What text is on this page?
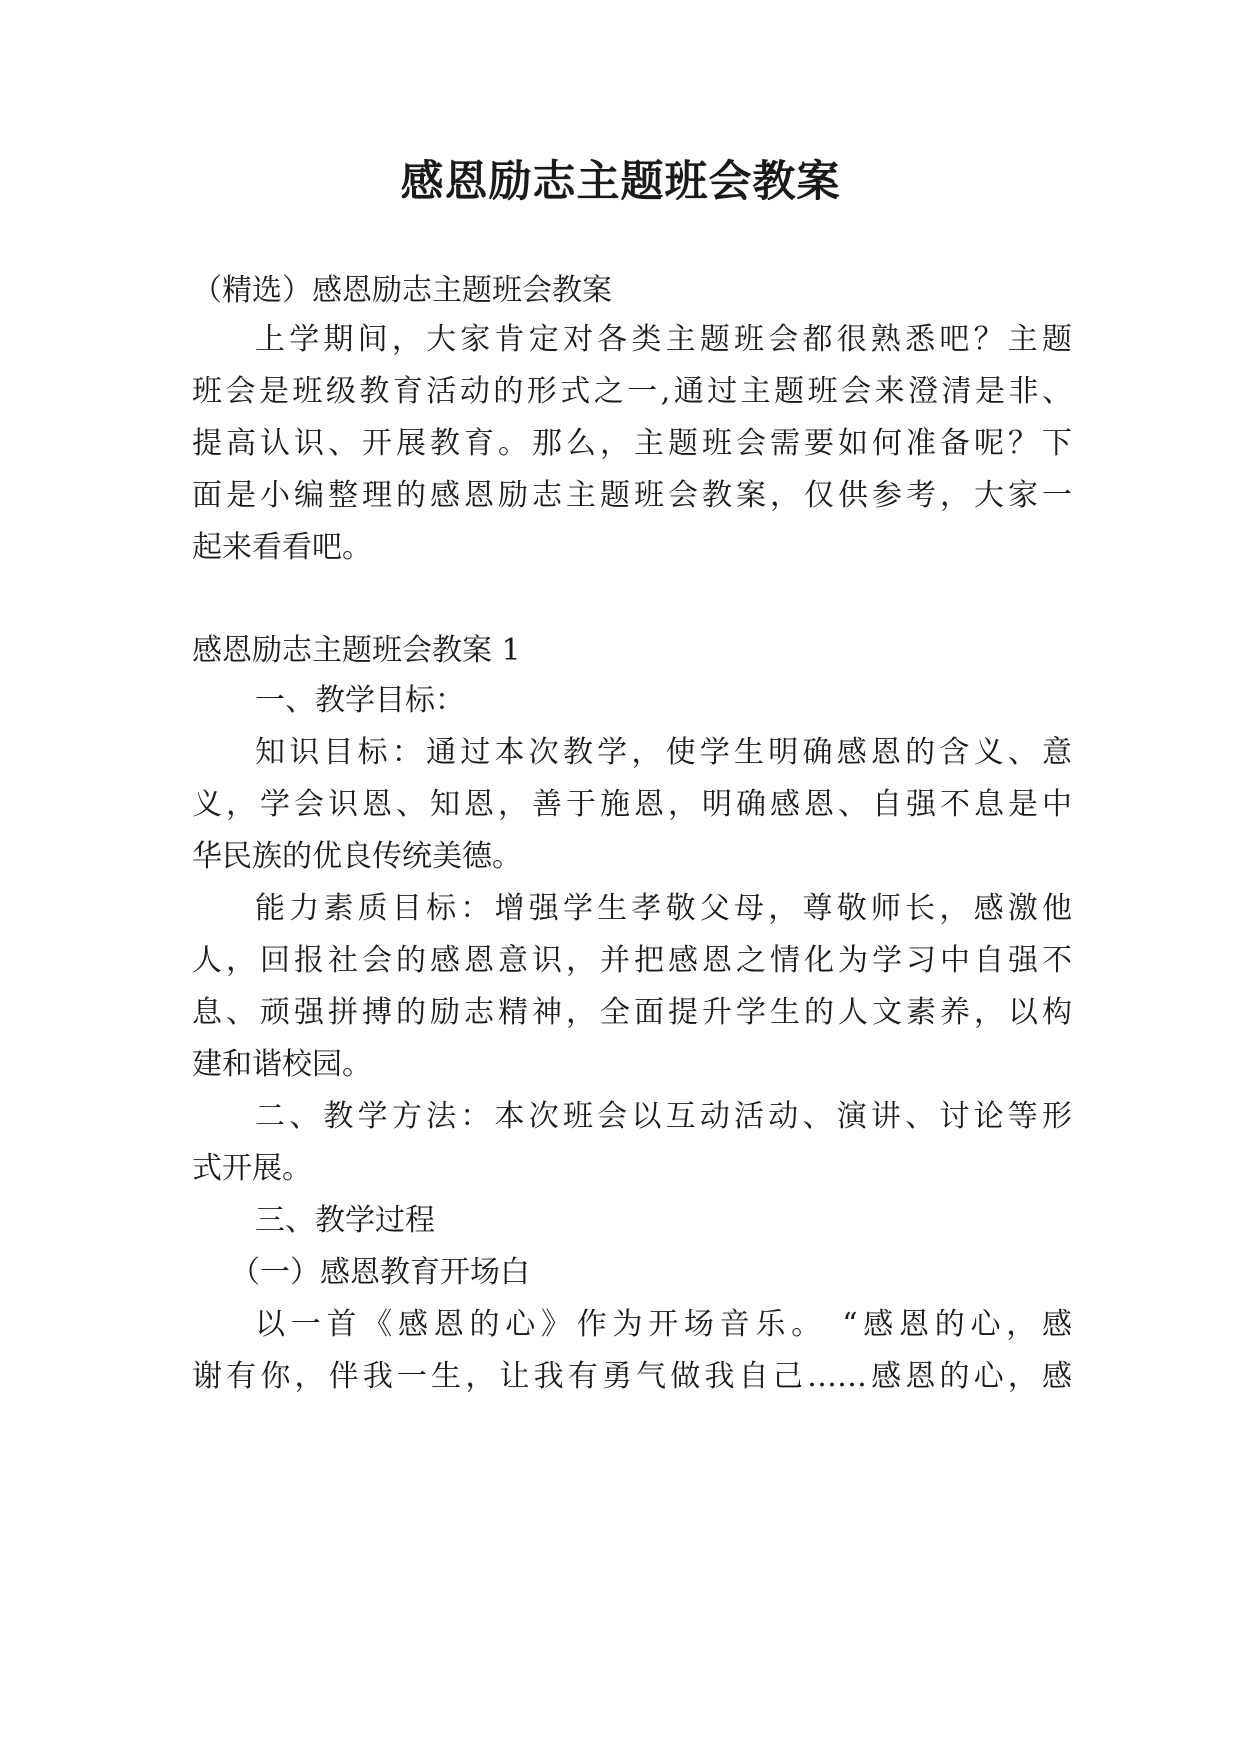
感恩励志主题班会教案
（精选）感恩励志主题班会教案
上学期间，大家肯定对各类主题班会都很熟悉吧？主题
班会是班级教育活动的形式之一,通过主题班会来澄清是非、
提高认识、开展教育。那么，主题班会需要如何准备呢？下
面是小编整理的感恩励志主题班会教案，仅供参考，大家一
起来看看吧。
感恩励志主题班会教案 1
一、教学目标：
知识目标：通过本次教学，使学生明确感恩的含义、意
义，学会识恩、知恩，善于施恩，明确感恩、自强不息是中
华民族的优良传统美德。
能力素质目标：增强学生孝敬父母，尊敬师长，感激他
人，回报社会的感恩意识，并把感恩之情化为学习中自强不
息、顽强拼搏的励志精神，全面提升学生的人文素养，以构
建和谐校园。
二、教学方法：本次班会以互动活动、演讲、讨论等形
式开展。
三、教学过程
（一）感恩教育开场白
以一首《感恩的心》作为开场音乐。 “感恩的心，感
谢有你，伴我一生，让我有勇气做我自己……感恩的心，感
